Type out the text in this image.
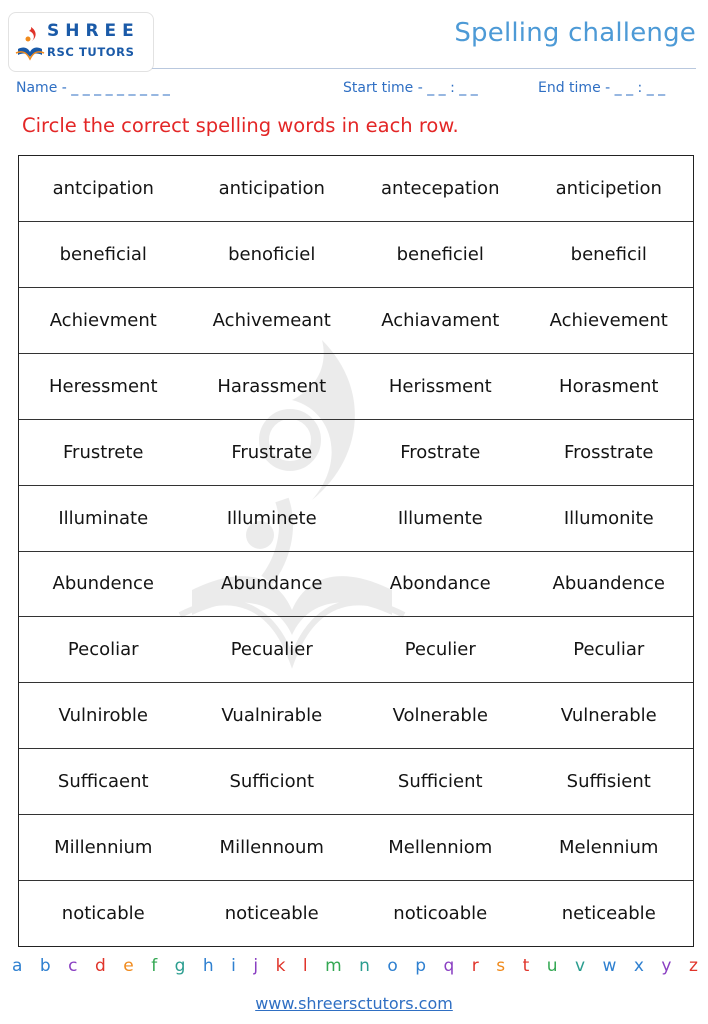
SHREE
RSC TUTORS
Spelling challenge
Name - _ _ _ _ _ _ _ _ _	Start time - _ _ : _ _	End time - _ _ : _ _
Circle the correct spelling words in each row.
antcipation	anticipation	antecepation	anticipetion
beneficial	benoficiel	beneficiel	beneficil
Achievment	Achivemeant	Achiavament	Achievement
Heressment	Harassment	Herissment	Horasment
Frustrete	Frustrate	Frostrate	Frosstrate
Illuminate	Illuminete	Illumente	Illumonite
Abundence	Abundance	Abondance	Abuandence
Pecoliar	Pecualier	Peculier	Peculiar
Vulniroble	Vualnirable	Volnerable	Vulnerable
Sufficaent	Sufficiont	Sufficient	Suffisient
Millennium	Millennoum	Mellenniom	Melennium
noticable	noticeable	noticoable	neticeable
a b c d e f g h i j k l m n o p q r s t u v w x y z
www.shreersctutors.com
